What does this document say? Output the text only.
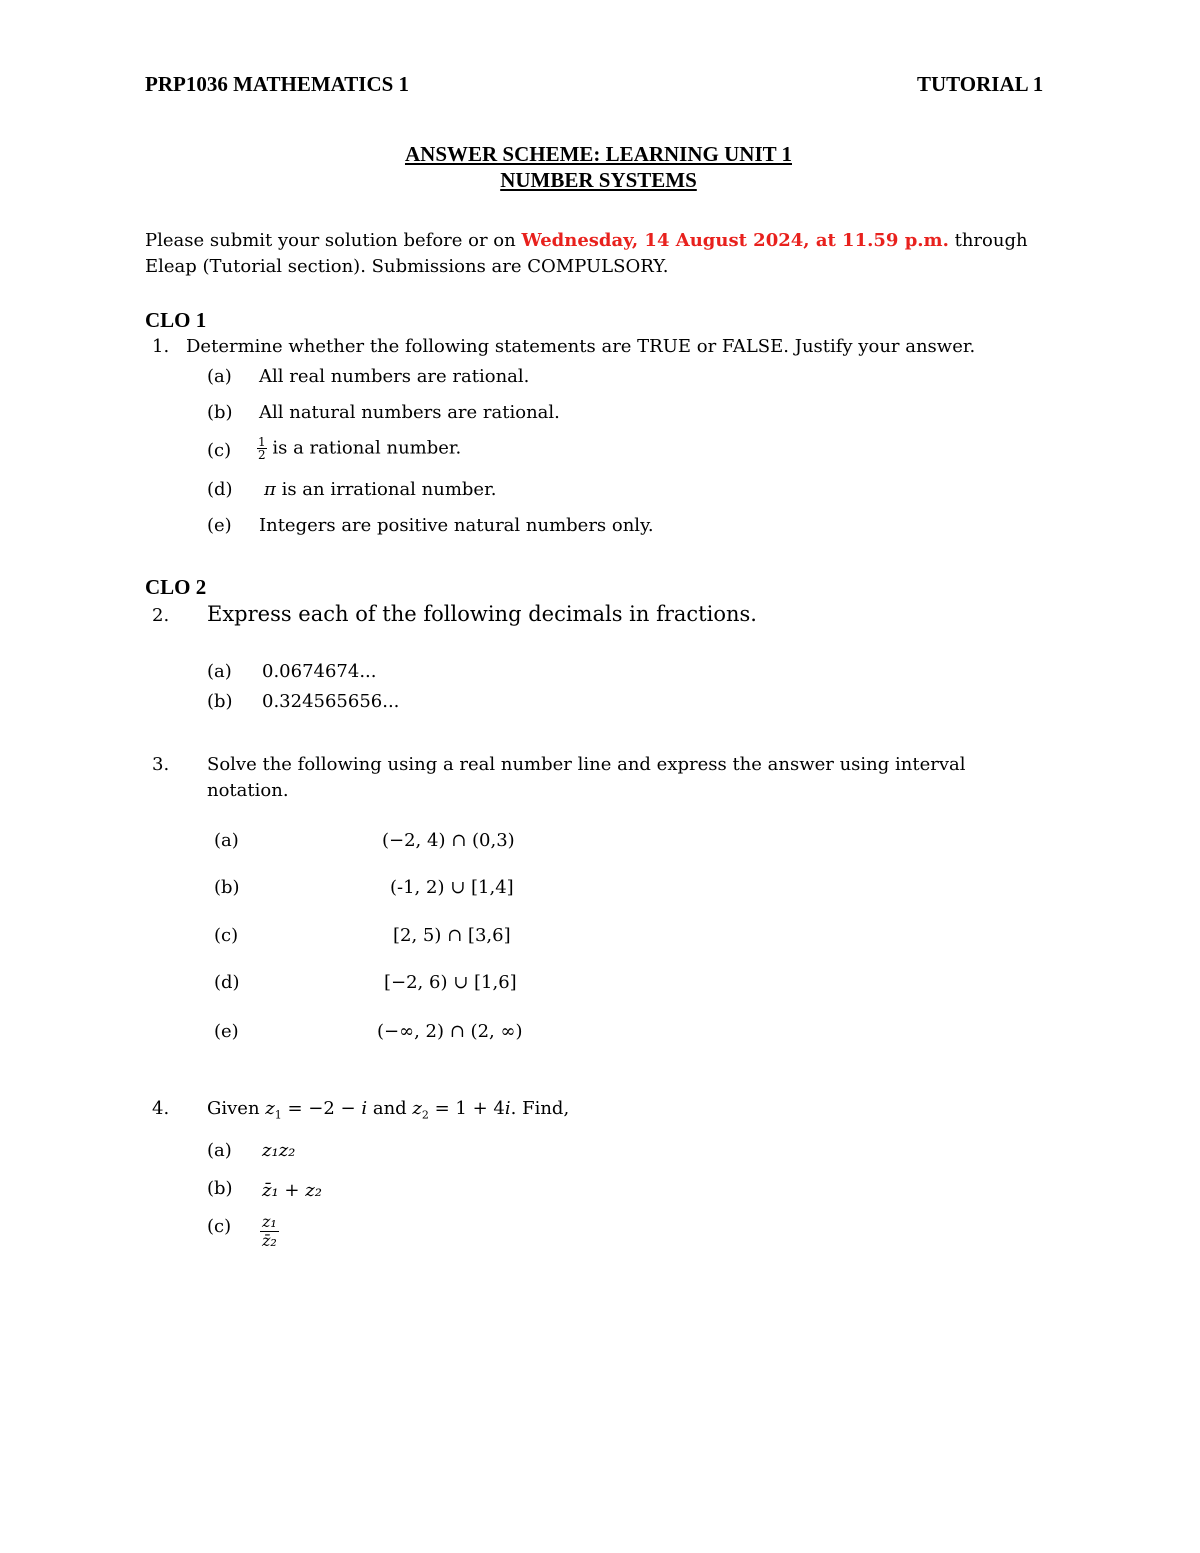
PRP1036 MATHEMATICS 1	TUTORIAL 1
ANSWER SCHEME: LEARNING UNIT 1
NUMBER SYSTEMS
Please submit your solution before or on Wednesday, 14 August 2024, at 11.59 p.m. through
Eleap (Tutorial section). Submissions are COMPULSORY.
CLO 1
1. Determine whether the following statements are TRUE or FALSE. Justify your answer.
(a) All real numbers are rational.
(b) All natural numbers are rational.
$(c) \frac{1}{2}$ is a rational number.
(d) π is an irrational number.
(e) Integers are positive natural numbers only.
CLO 2
2. Express each of the following decimals in fractions.
(a) 0.0674674...
(b) 0.324565656...
3. Solve the following using a real number line and express the answer using interval
notation.
(a)	(−2, 4) ∩ (0,3)
(b)	(-1, 2) ∪ [1,4]
(c)	[2, 5) ∩ [3,6]
(d)	[−2, 6) ∪ [1,6]
(e)	(−∞, 2) ∩ (2, ∞)
4. Given $z_1 = -2 - i$ and $z_2 = 1 + 4i$. Find,
(a) z₁z₂
(b) z̄₁ + z₂
$(c) \frac{\text{z₁}}{\text{z̄₂}}$
